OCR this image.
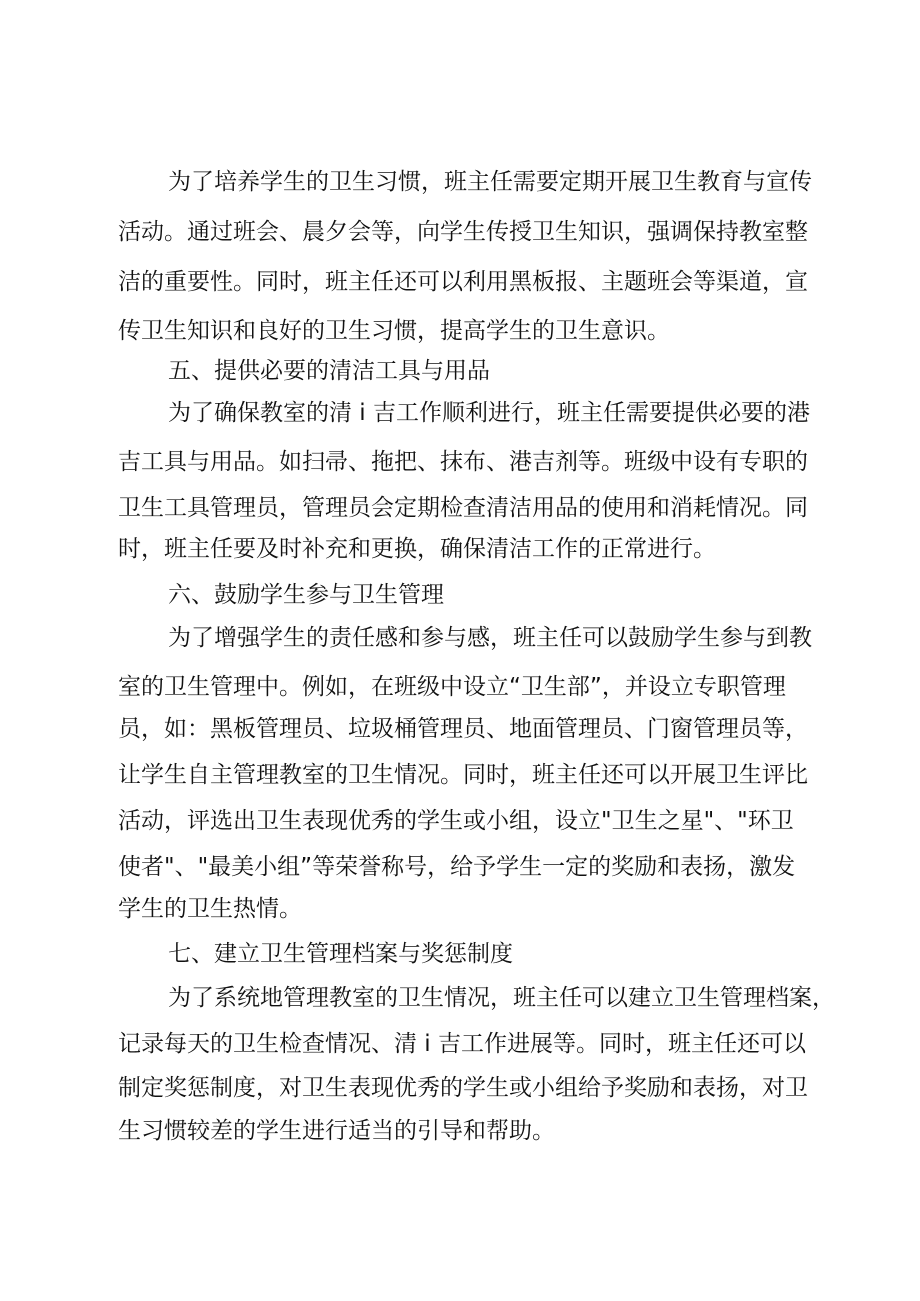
为了培养学生的卫生习惯，班主任需要定期开展卫生教育与宣传
活动。通过班会、晨夕会等，向学生传授卫生知识，强调保持教室整
洁的重要性。同时，班主任还可以利用黑板报、主题班会等渠道，宣
传卫生知识和良好的卫生习惯，提高学生的卫生意识。
五、提供必要的清洁工具与用品
为了确保教室的清 i 吉工作顺利进行，班主任需要提供必要的港
吉工具与用品。如扫帚、拖把、抹布、港吉剂等。班级中设有专职的
卫生工具管理员，管理员会定期检查清洁用品的使用和消耗情况。同
时，班主任要及时补充和更换，确保清洁工作的正常进行。
六、鼓励学生参与卫生管理
为了增强学生的责任感和参与感，班主任可以鼓励学生参与到教
室的卫生管理中。例如，在班级中设立“卫生部”，并设立专职管理
员，如：黑板管理员、垃圾桶管理员、地面管理员、门窗管理员等，
让学生自主管理教室的卫生情况。同时，班主任还可以开展卫生评比
活动，评选出卫生表现优秀的学生或小组，设立"卫生之星"、"环卫
使者"、"最美小组”等荣誉称号，给予学生一定的奖励和表扬，激发
学生的卫生热情。
七、建立卫生管理档案与奖惩制度
为了系统地管理教室的卫生情况，班主任可以建立卫生管理档案，
记录每天的卫生检查情况、清 i 吉工作进展等。同时，班主任还可以
制定奖惩制度，对卫生表现优秀的学生或小组给予奖励和表扬，对卫
生习惯较差的学生进行适当的引导和帮助。
